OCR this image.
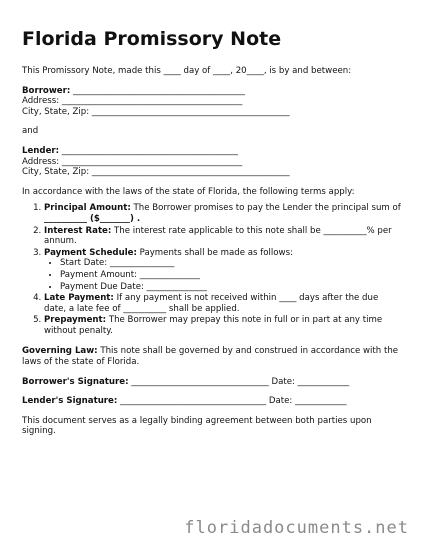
Florida Promissory Note

This Promissory Note, made this ____ day of ____, 20____, is by and between:

Borrower: ________________________________________

Address: __________________________________________

City, State, Zip: ______________________________________________

and

Lender: _________________________________________

Address: __________________________________________

City, State, Zip: ______________________________________________

In accordance with the laws of the state of Florida, the following terms apply:

1. Principal Amount: The Borrower promises to pay the Lender the principal sum of __________ ($_______) .
2. Interest Rate: The interest rate applicable to this note shall be __________% per annum.
3. Payment Schedule: Payments shall be made as follows:
• Start Date: _______________
• Payment Amount: ______________
• Payment Due Date: ______________
4. Late Payment: If any payment is not received within ____ days after the due date, a late fee of __________ shall be applied.
5. Prepayment: The Borrower may prepay this note in full or in part at any time without penalty.

Governing Law: This note shall be governed by and construed in accordance with the laws of the state of Florida.

Borrower's Signature: ________________________________ Date: ____________

Lender's Signature: __________________________________ Date: ____________

This document serves as a legally binding agreement between both parties upon signing.

floridadocuments.net
